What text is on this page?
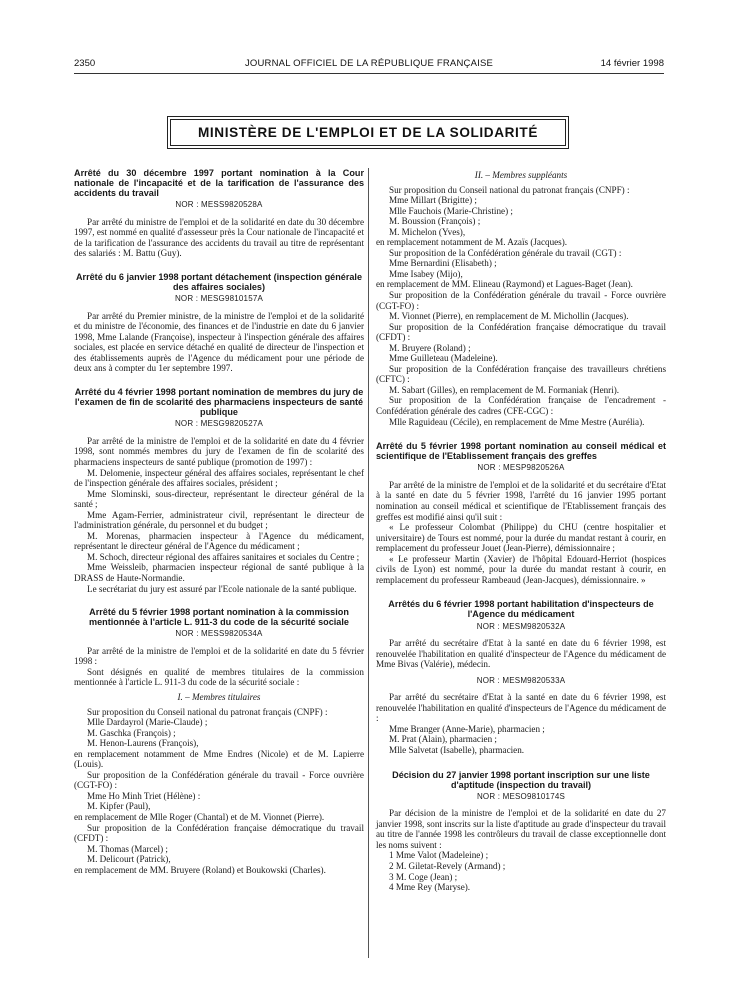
2350	JOURNAL OFFICIEL DE LA RÉPUBLIQUE FRANÇAISE	14 février 1998
MINISTÈRE DE L'EMPLOI ET DE LA SOLIDARITÉ

Arrêté du 30 décembre 1997 portant nomination à la Cour nationale de l'incapacité et de la tarification de l'assurance des accidents du travail

NOR : MESS9820528A

Par arrêté du ministre de l'emploi et de la solidarité en date du 30 décembre 1997, est nommé en qualité d'assesseur près la Cour nationale de l'incapacité et de la tarification de l'assurance des accidents du travail au titre de représentant des salariés : M. Battu (Guy).

Arrêté du 6 janvier 1998 portant détachement (inspection générale des affaires sociales)

NOR : MESG9810157A

Par arrêté du Premier ministre, de la ministre de l'emploi et de la solidarité et du ministre de l'économie, des finances et de l'industrie en date du 6 janvier 1998, Mme Lalande (Françoise), inspecteur à l'inspection générale des affaires sociales, est placée en service détaché en qualité de directeur de l'inspection et des établissements auprès de l'Agence du médicament pour une période de deux ans à compter du 1er septembre 1997.

Arrêté du 4 février 1998 portant nomination de membres du jury de l'examen de fin de scolarité des pharmaciens inspecteurs de santé publique

NOR : MESG9820527A

Par arrêté de la ministre de l'emploi et de la solidarité en date du 4 février 1998, sont nommés membres du jury de l'examen de fin de scolarité des pharmaciens inspecteurs de santé publique (promotion de 1997) :

M. Delomenie, inspecteur général des affaires sociales, représentant le chef de l'inspection générale des affaires sociales, président ;

Mme Slominski, sous-directeur, représentant le directeur général de la santé ;

Mme Agam-Ferrier, administrateur civil, représentant le directeur de l'administration générale, du personnel et du budget ;

M. Morenas, pharmacien inspecteur à l'Agence du médicament, représentant le directeur général de l'Agence du médicament ;

M. Schoch, directeur régional des affaires sanitaires et sociales du Centre ;

Mme Weissleib, pharmacien inspecteur régional de santé publique à la DRASS de Haute-Normandie.

Le secrétariat du jury est assuré par l'Ecole nationale de la santé publique.

Arrêté du 5 février 1998 portant nomination à la commission mentionnée à l'article L. 911-3 du code de la sécurité sociale

NOR : MESS9820534A

Par arrêté de la ministre de l'emploi et de la solidarité en date du 5 février 1998 :

Sont désignés en qualité de membres titulaires de la commission mentionnée à l'article L. 911-3 du code de la sécurité sociale :

I. – Membres titulaires

Sur proposition du Conseil national du patronat français (CNPF) :

Mlle Dardayrol (Marie-Claude) ;

M. Gaschka (François) ;

M. Henon-Laurens (François),

en remplacement notamment de Mme Endres (Nicole) et de M. Lapierre (Louis).

Sur proposition de la Confédération générale du travail - Force ouvrière (CGT-FO) :

Mme Ho Minh Triet (Hélène) :

M. Kipfer (Paul),

en remplacement de Mlle Roger (Chantal) et de M. Vionnet (Pierre).

Sur proposition de la Confédération française démocratique du travail (CFDT) :

M. Thomas (Marcel) ;

M. Delicourt (Patrick),

en remplacement de MM. Bruyere (Roland) et Boukowski (Charles).

II. – Membres suppléants

Sur proposition du Conseil national du patronat français (CNPF) :

Mme Millart (Brigitte) ;

Mlle Fauchois (Marie-Christine) ;

M. Boussion (François) ;

M. Michelon (Yves),

en remplacement notamment de M. Azaïs (Jacques).

Sur proposition de la Confédération générale du travail (CGT) :

Mme Bernardini (Elisabeth) ;

Mme Isabey (Mijo),

en remplacement de MM. Elineau (Raymond) et Lagues-Baget (Jean).

Sur proposition de la Confédération générale du travail - Force ouvrière (CGT-FO) :

M. Vionnet (Pierre), en remplacement de M. Michollin (Jacques).

Sur proposition de la Confédération française démocratique du travail (CFDT) :

M. Bruyere (Roland) ;

Mme Guilleteau (Madeleine).

Sur proposition de la Confédération française des travailleurs chrétiens (CFTC) :

M. Sabart (Gilles), en remplacement de M. Formaniak (Henri).

Sur proposition de la Confédération française de l'encadrement - Confédération générale des cadres (CFE-CGC) :

Mlle Raguideau (Cécile), en remplacement de Mme Mestre (Aurélia).

Arrêté du 5 février 1998 portant nomination au conseil médical et scientifique de l'Etablissement français des greffes

NOR : MESP9820526A

Par arrêté de la ministre de l'emploi et de la solidarité et du secrétaire d'Etat à la santé en date du 5 février 1998, l'arrêté du 16 janvier 1995 portant nomination au conseil médical et scientifique de l'Etablissement français des greffes est modifié ainsi qu'il suit :

« Le professeur Colombat (Philippe) du CHU (centre hospitalier et universitaire) de Tours est nommé, pour la durée du mandat restant à courir, en remplacement du professeur Jouet (Jean-Pierre), démissionnaire ;

« Le professeur Martin (Xavier) de l'hôpital Edouard-Herriot (hospices civils de Lyon) est nommé, pour la durée du mandat restant à courir, en remplacement du professeur Rambeaud (Jean-Jacques), démissionnaire. »

Arrêtés du 6 février 1998 portant habilitation d'inspecteurs de l'Agence du médicament

NOR : MESM9820532A

Par arrêté du secrétaire d'Etat à la santé en date du 6 février 1998, est renouvelée l'habilitation en qualité d'inspecteur de l'Agence du médicament de Mme Bivas (Valérie), médecin.

NOR : MESM9820533A

Par arrêté du secrétaire d'Etat à la santé en date du 6 février 1998, est renouvelée l'habilitation en qualité d'inspecteurs de l'Agence du médicament de :

Mme Branger (Anne-Marie), pharmacien ;

M. Prat (Alain), pharmacien ;

Mlle Salvetat (Isabelle), pharmacien.

Décision du 27 janvier 1998 portant inscription sur une liste d'aptitude (inspection du travail)

NOR : MESO9810174S

Par décision de la ministre de l'emploi et de la solidarité en date du 27 janvier 1998, sont inscrits sur la liste d'aptitude au grade d'inspecteur du travail au titre de l'année 1998 les contrôleurs du travail de classe exceptionnelle dont les noms suivent :

1 Mme Valot (Madeleine) ;

2 M. Giletat-Revely (Armand) ;

3 M. Coge (Jean) ;

4 Mme Rey (Maryse).
